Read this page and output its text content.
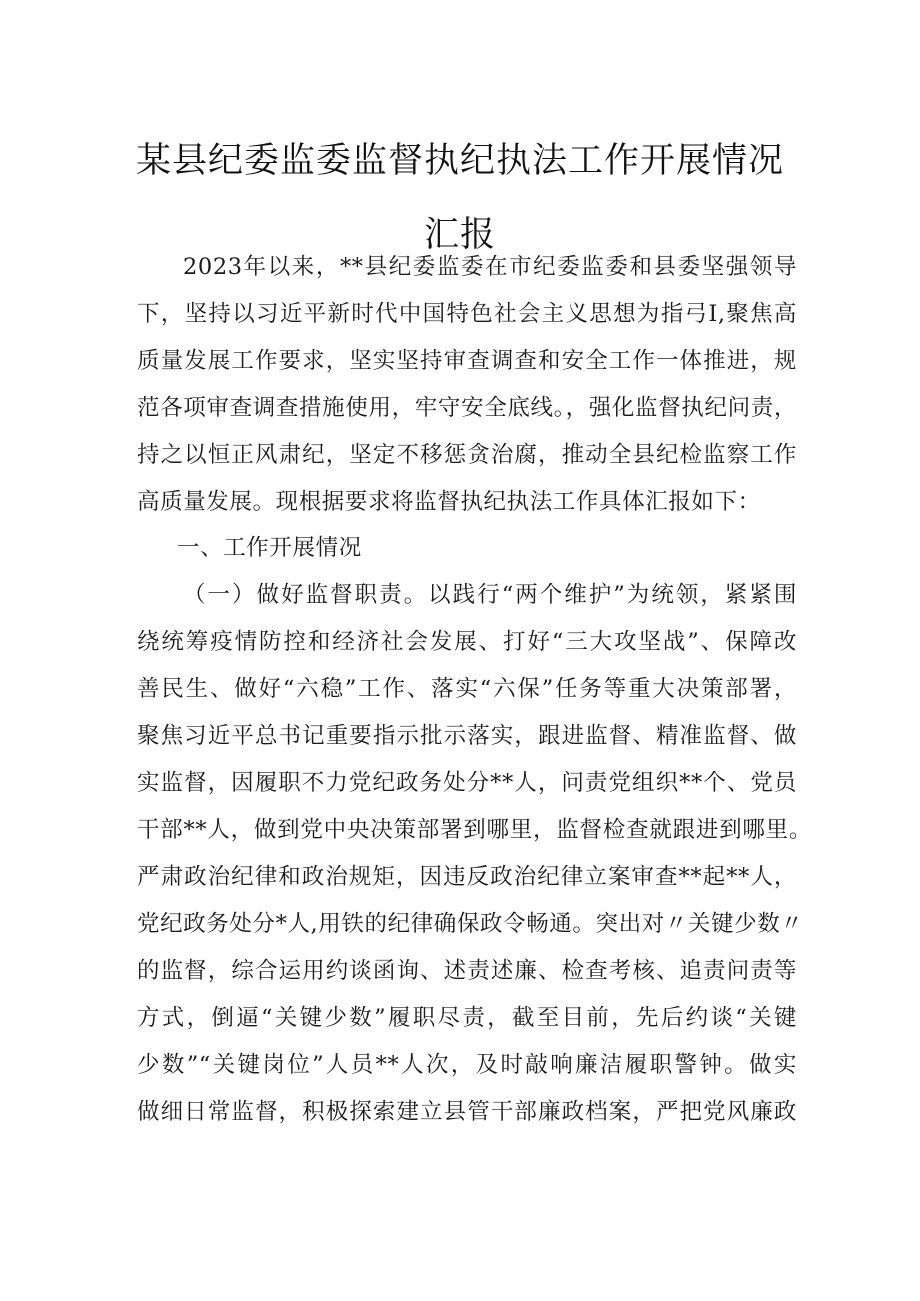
某县纪委监委监督执纪执法工作开展情况
汇报
2023年以来，**县纪委监委在市纪委监委和县委坚强领导
下，坚持以习近平新时代中国特色社会主义思想为指弓I,聚焦高
质量发展工作要求，坚实坚持审查调查和安全工作一体推进，规
范各项审查调查措施使用，牢守安全底线。，强化监督执纪问责，
持之以恒正风肃纪，坚定不移惩贪治腐，推动全县纪检监察工作
高质量发展。现根据要求将监督执纪执法工作具体汇报如下：
一、工作开展情况
（一）做好监督职责。以践行“两个维护”为统领，紧紧围
绕统筹疫情防控和经济社会发展、打好“三大攻坚战”、保障改
善民生、做好“六稳”工作、落实“六保”任务等重大决策部署，
聚焦习近平总书记重要指示批示落实，跟进监督、精准监督、做
实监督，因履职不力党纪政务处分**人，问责党组织**个、党员
干部**人，做到党中央决策部署到哪里，监督检查就跟进到哪里。
严肃政治纪律和政治规矩，因违反政治纪律立案审查**起**人，
党纪政务处分*人,用铁的纪律确保政令畅通。突出对〃关键少数〃
的监督，综合运用约谈函询、述责述廉、检查考核、追责问责等
方式，倒逼“关键少数”履职尽责，截至目前，先后约谈“关键
少数”“关键岗位”人员**人次，及时敲响廉洁履职警钟。做实
做细日常监督，积极探索建立县管干部廉政档案，严把党风廉政
